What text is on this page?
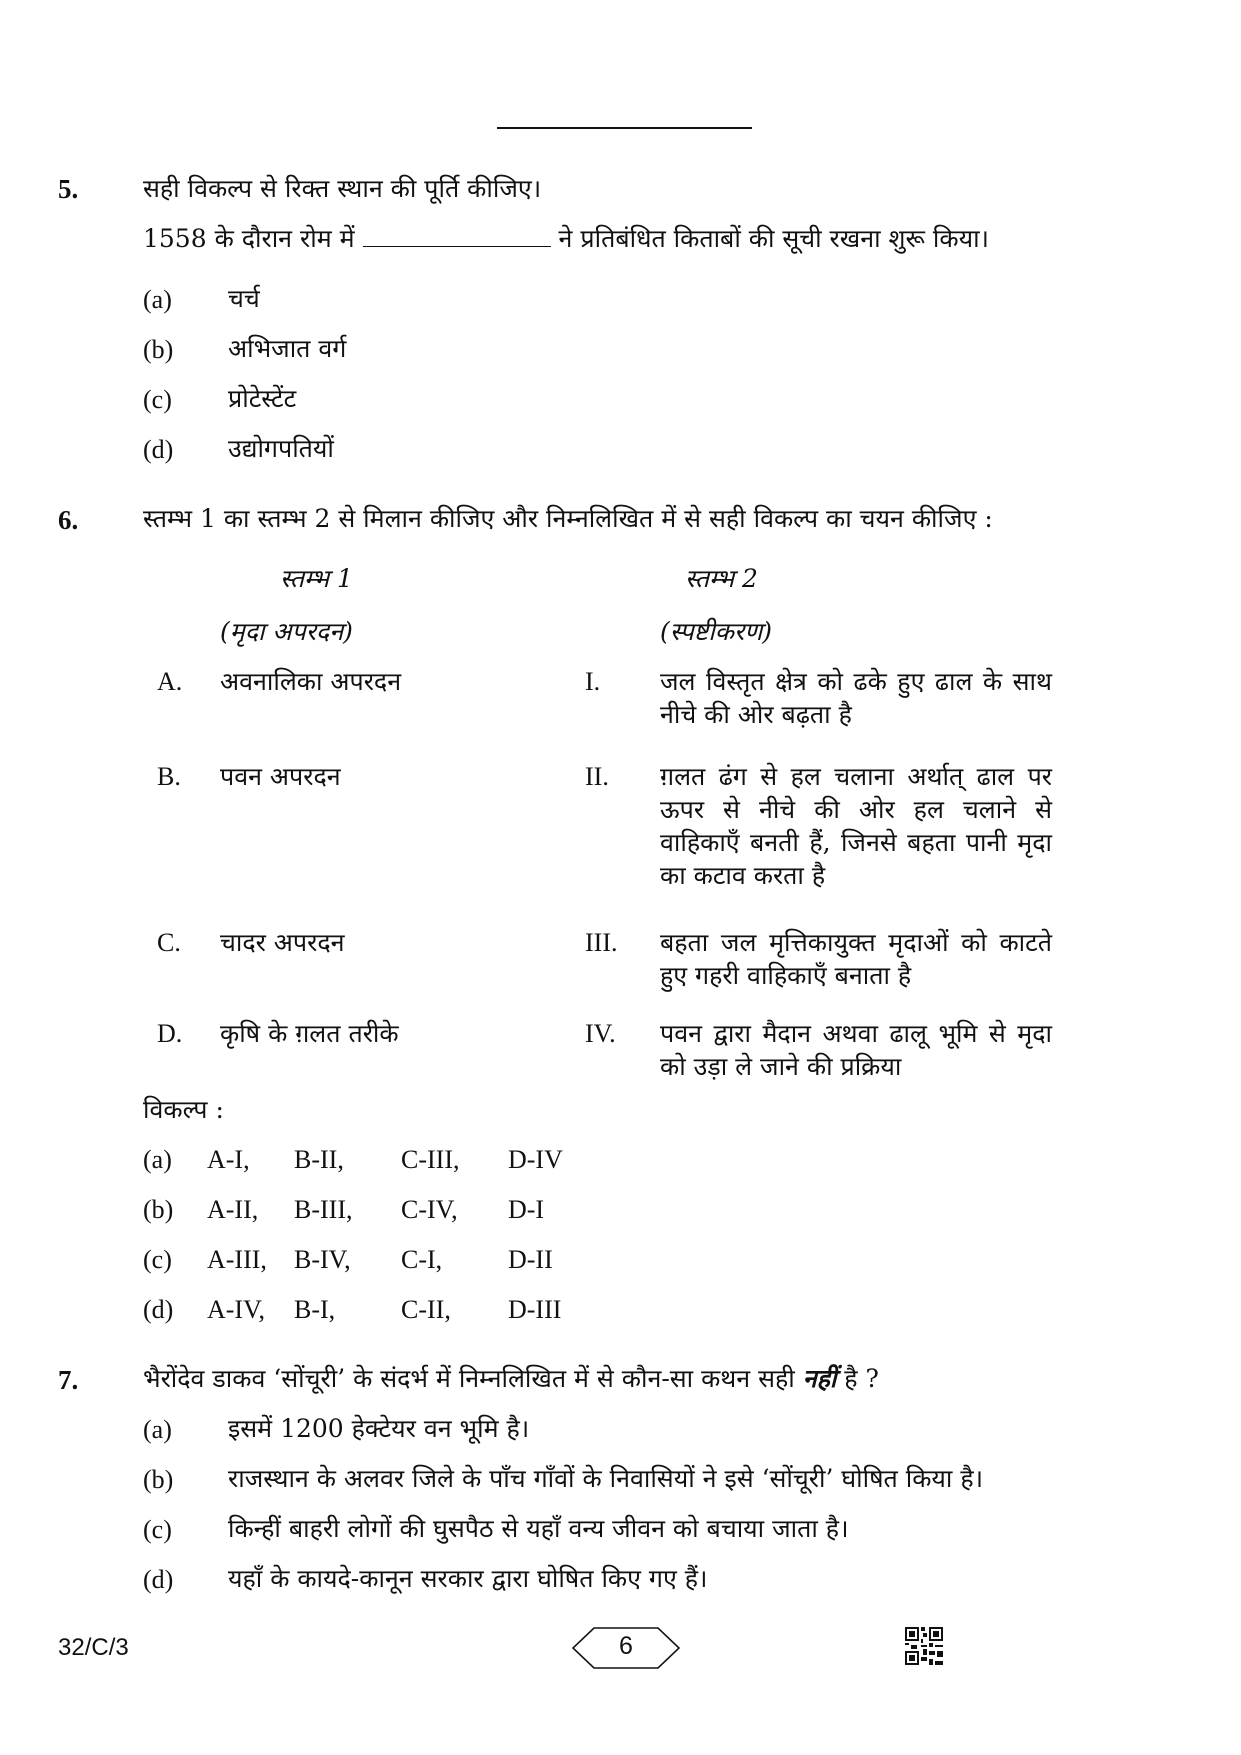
5.	सही विकल्प से रिक्त स्थान की पूर्ति कीजिए।
1558 के दौरान रोम में	ने प्रतिबंधित किताबों की सूची रखना शुरू किया।
(a) चर्च
(b) अभिजात वर्ग
(c) प्रोटेस्टेंट
(d) उद्योगपतियों
6.	स्तम्भ 1 का स्तम्भ 2 से मिलान कीजिए और निम्नलिखित में से सही विकल्प का चयन कीजिए :
स्तम्भ 1
(मृदा अपरदन)
स्तम्भ 2
(स्पष्टीकरण)
A. अवनालिका अपरदन	I. जल विस्तृत क्षेत्र को ढके हुए ढाल के साथ नीचे की ओर बढ़ता है
B. पवन अपरदन	II. ग़लत ढंग से हल चलाना अर्थात् ढाल पर ऊपर से नीचे की ओर हल चलाने से वाहिकाएँ बनती हैं, जिनसे बहता पानी मृदा का कटाव करता है
C. चादर अपरदन	III. बहता जल मृत्तिकायुक्त मृदाओं को काटते हुए गहरी वाहिकाएँ बनाता है
D. कृषि के ग़लत तरीके	IV. पवन द्वारा मैदान अथवा ढालू भूमि से मृदा को उड़ा ले जाने की प्रक्रिया
विकल्प :
(a) A-I, B-II, C-III, D-IV
(b) A-II, B-III, C-IV, D-I
(c) A-III, B-IV, C-I,	D-II
(d) A-IV, B-I,	C-II, D-III
7.	भैरोंदेव डाकव ‘सोंचूरी’ के संदर्भ में निम्नलिखित में से कौन-सा कथन सही नहीं है ?
(a) इसमें 1200 हेक्टेयर वन भूमि है।
(b) राजस्थान के अलवर जिले के पाँच गाँवों के निवासियों ने इसे ‘सोंचूरी’ घोषित किया है।
(c) किन्हीं बाहरी लोगों की घुसपैठ से यहाँ वन्य जीवन को बचाया जाता है।
(d) यहाँ के कायदे-कानून सरकार द्वारा घोषित किए गए हैं।
32/C/3	6
